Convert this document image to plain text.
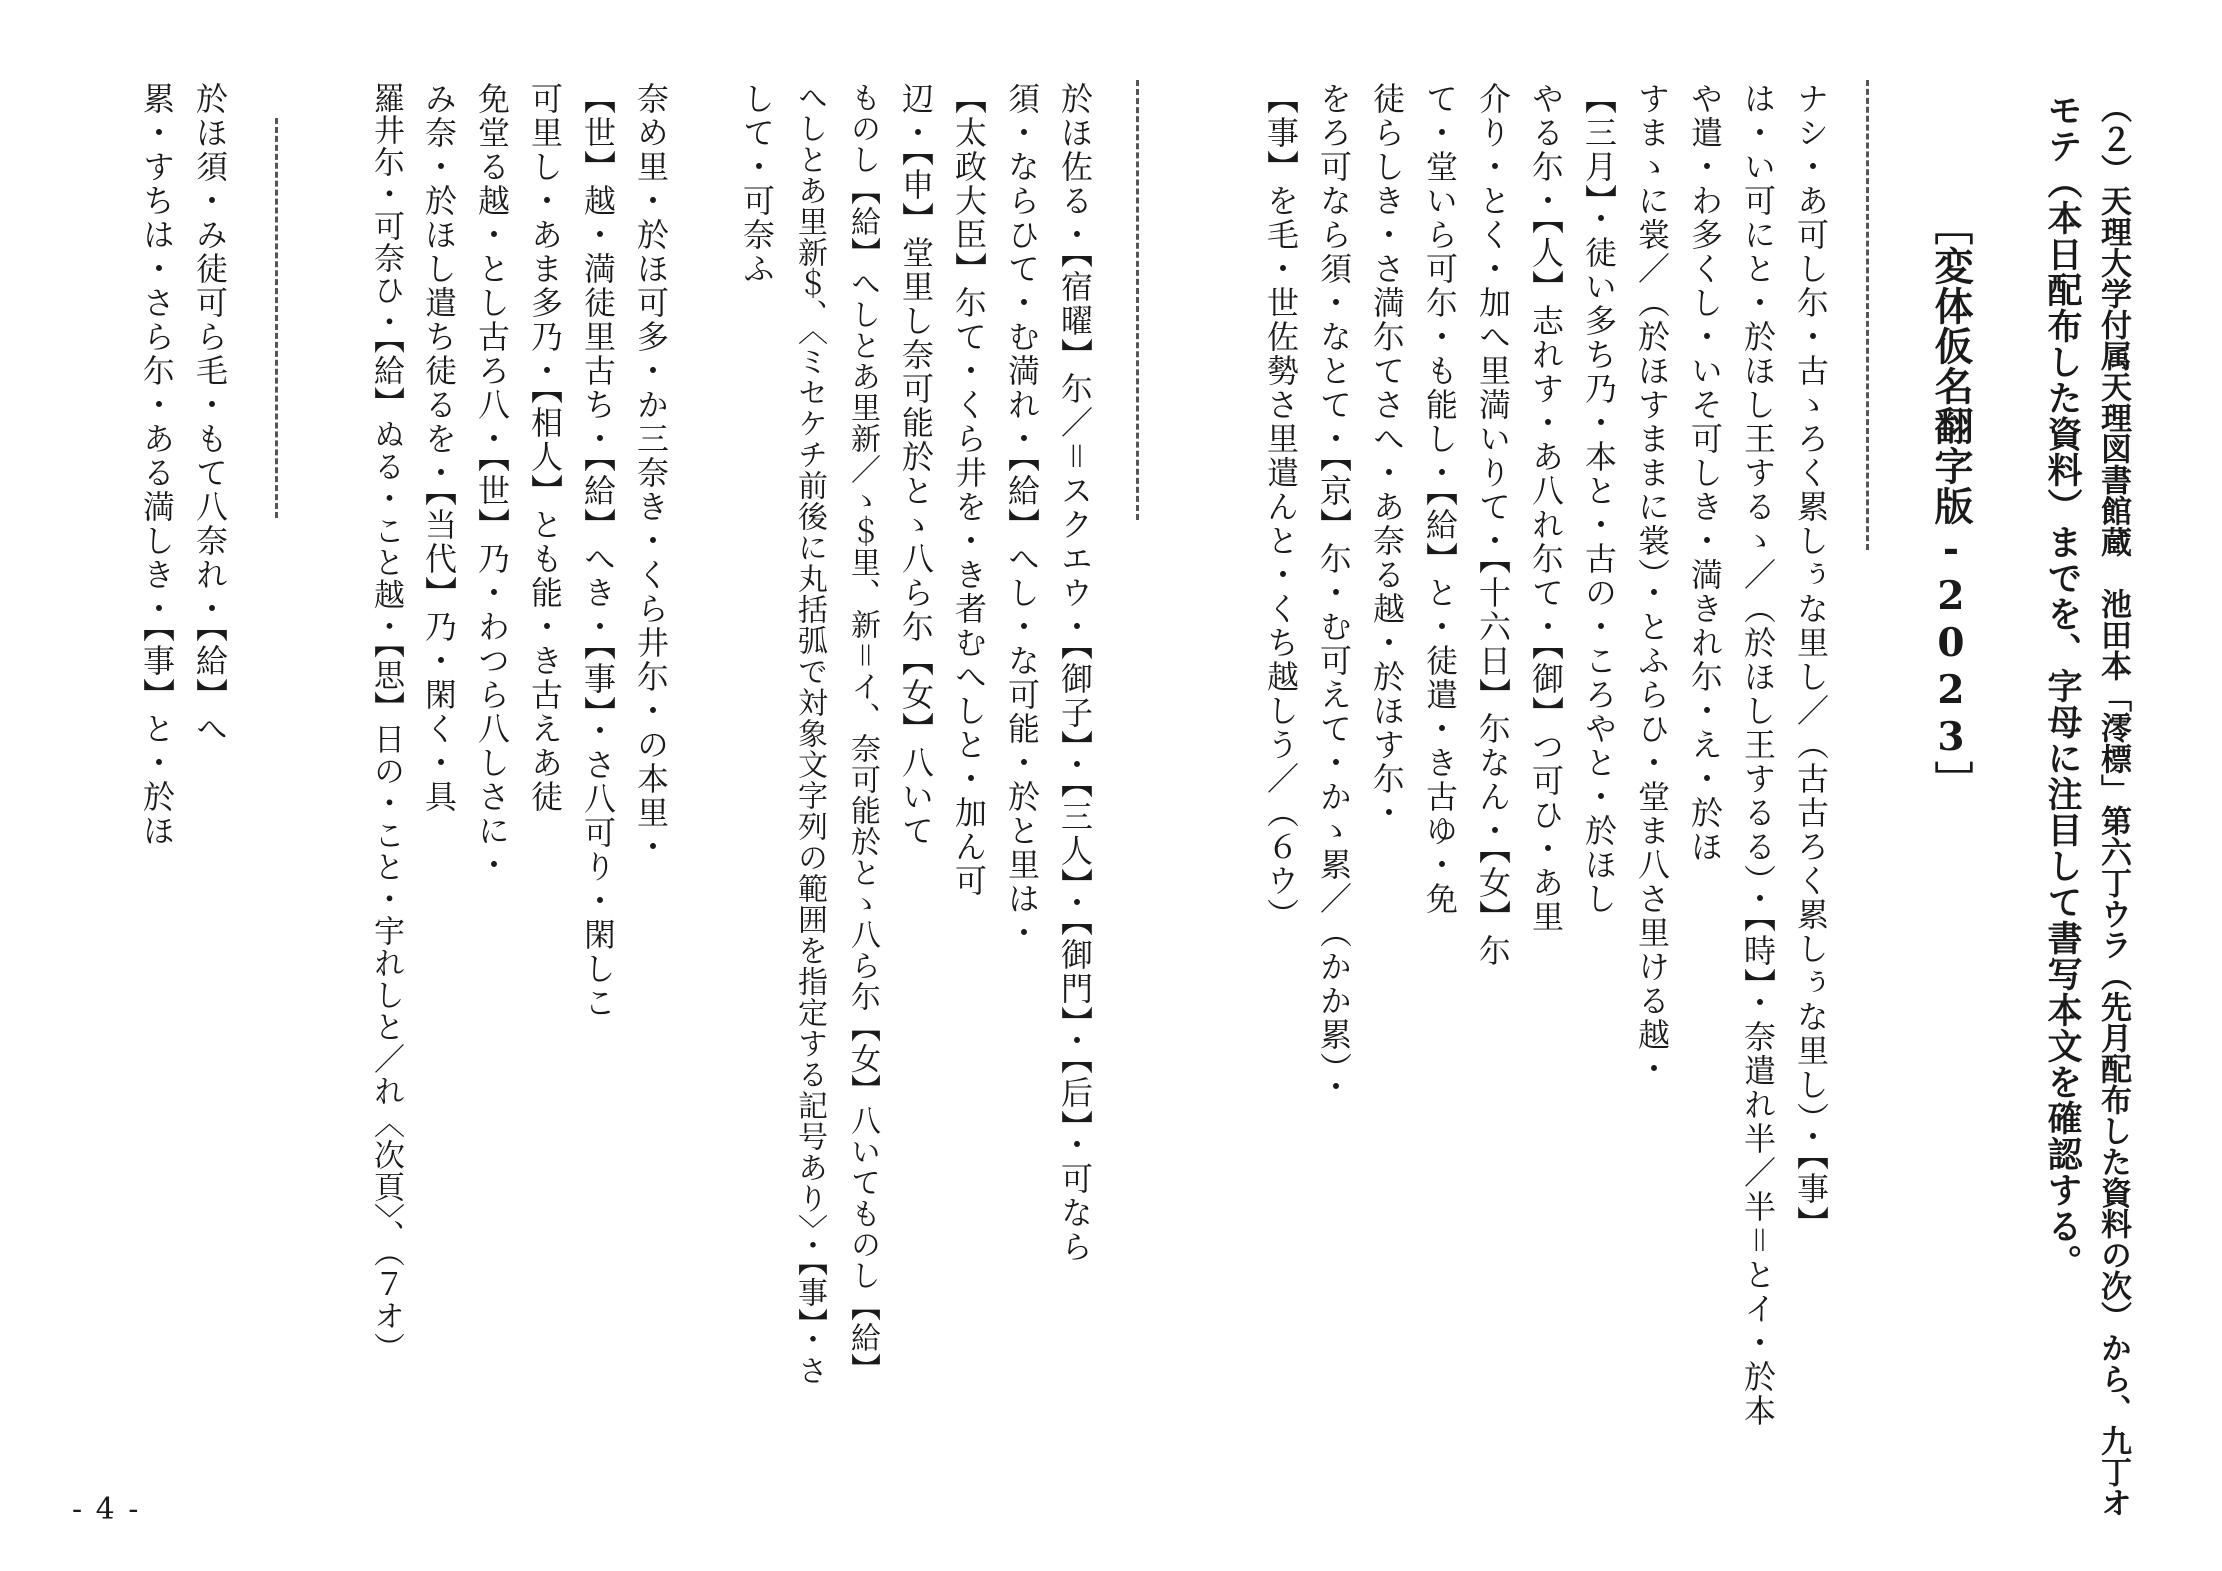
（２）天理大学付属天理図書館蔵　池田本「澪標」第六丁ウラ（先月配布した資料の次）から、九丁オ
モテ（本日配布した資料）までを、字母に注目して書写本文を確認する。
［変体仮名翻字版-2023］
ナシ・あ可し尓・古ゝろく累しぅな里し／（古古ろく累しぅな里し）・【事】
は・い可にと・於ほし王するゝ／（於ほし王するる）・【時】・奈遣れ半／半＝とイ・於本
や遣・わ多くし・いそ可しき・満きれ尓・え・於ほ
すまゝに裳／（於ほすままに裳）・とふらひ・堂ま八さ里ける越・
【三月】・徒い多ち乃・本と・古の・ころやと・於ほし
やる尓・【人】志れす・あ八れ尓て・【御】つ可ひ・あ里
介り・とく・加へ里満いりて・【十六日】尓なん・【女】尓
て・堂いら可尓・も能し・【給】と・徒遣・き古ゆ・免
徒らしき・さ満尓てさへ・あ奈る越・於ほす尓・
をろ可なら須・なとて・【京】尓・む可えて・かゝ累／（かか累）・
【事】を毛・世佐勢さ里遣んと・くち越しう／（６ウ）
於ほ佐る・【宿曜】尓／＝スクエウ・【御子】・【三人】・【御門】・【后】・可なら
須・ならひて・む満れ・【給】へし・な可能・於と里は・
【太政大臣】尓て・くら井を・き者むへしと・加ん可
辺・【申】堂里し奈可能於とゝ八ら尓【女】八いて
ものし【給】へしとあ里新／ゝ＄里、新＝イ、奈可能於とゝ八ら尓【女】八いてものし【給】
へしとあ里新＄、〈ミセケチ前後に丸括弧で対象文字列の範囲を指定する記号あり〉・【事】・さ
して・可奈ふ
奈め里・於ほ可多・か三奈き・くら井尓・の本里・
【世】越・満徒里古ち・【給】へき・【事】・さ八可り・閑しこ
可里し・あま多乃・【相人】とも能・き古えあ徒
免堂る越・とし古ろ八・【世】乃・わつら八しさに・
み奈・於ほし遣ち徒るを・【当代】乃・閑く・具
羅井尓・可奈ひ・【給】ぬる・こと越・【思】日の・こと・宇れしと／れ〈次頁〉、（７オ）
於ほ須・み徒可ら毛・もて八奈れ・【給】へ
累・すちは・さら尓・ある満しき・【事】と・於ほ
- 4 -
